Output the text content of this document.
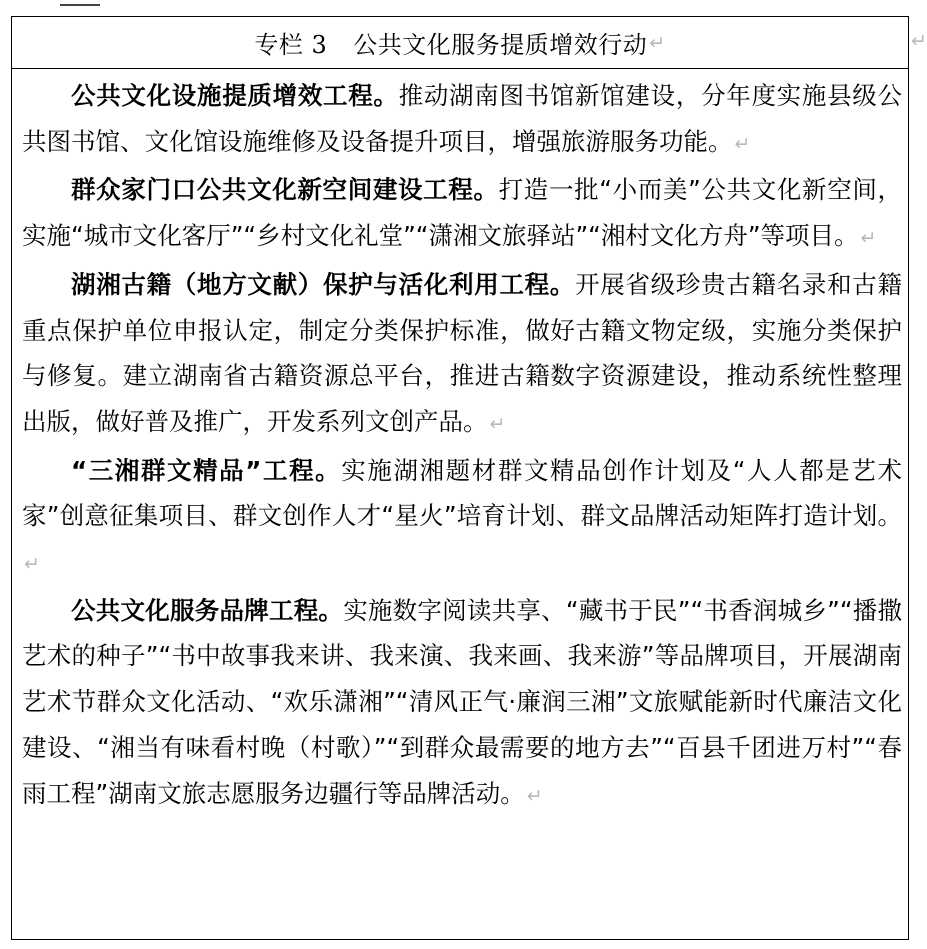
专栏 3 公共文化服务提质增效行动 ↵

公共文化设施提质增效工程。推动湖南图书馆新馆建设，分年度实施县级公共图书馆、文化馆设施维修及设备提升项目，增强旅游服务功能。 ↵

群众家门口公共文化新空间建设工程。打造一批“小而美”公共文化新空间，实施“城市文化客厅”“乡村文化礼堂”“潇湘文旅驿站”“湘村文化方舟”等项目。 ↵

湖湘古籍（地方文献）保护与活化利用工程。开展省级珍贵古籍名录和古籍重点保护单位申报认定，制定分类保护标准，做好古籍文物定级，实施分类保护与修复。建立湖南省古籍资源总平台，推进古籍数字资源建设，推动系统性整理出版，做好普及推广，开发系列文创产品。 ↵

“三湘群文精品”工程。实施湖湘题材群文精品创作计划及“人人都是艺术家”创意征集项目、群文创作人才“星火”培育计划、群文品牌活动矩阵打造计划。↵

公共文化服务品牌工程。实施数字阅读共享、“藏书于民”“书香润城乡”“播撒艺术的种子”“书中故事我来讲、我来演、我来画、我来游”等品牌项目，开展湖南艺术节群众文化活动、“欢乐潇湘”“清风正气·廉润三湘”文旅赋能新时代廉洁文化建设、“湘当有味看村晚（村歌）”“到群众最需要的地方去”“百县千团进万村”“春雨工程”湖南文旅志愿服务边疆行等品牌活动。 ↵

↵
